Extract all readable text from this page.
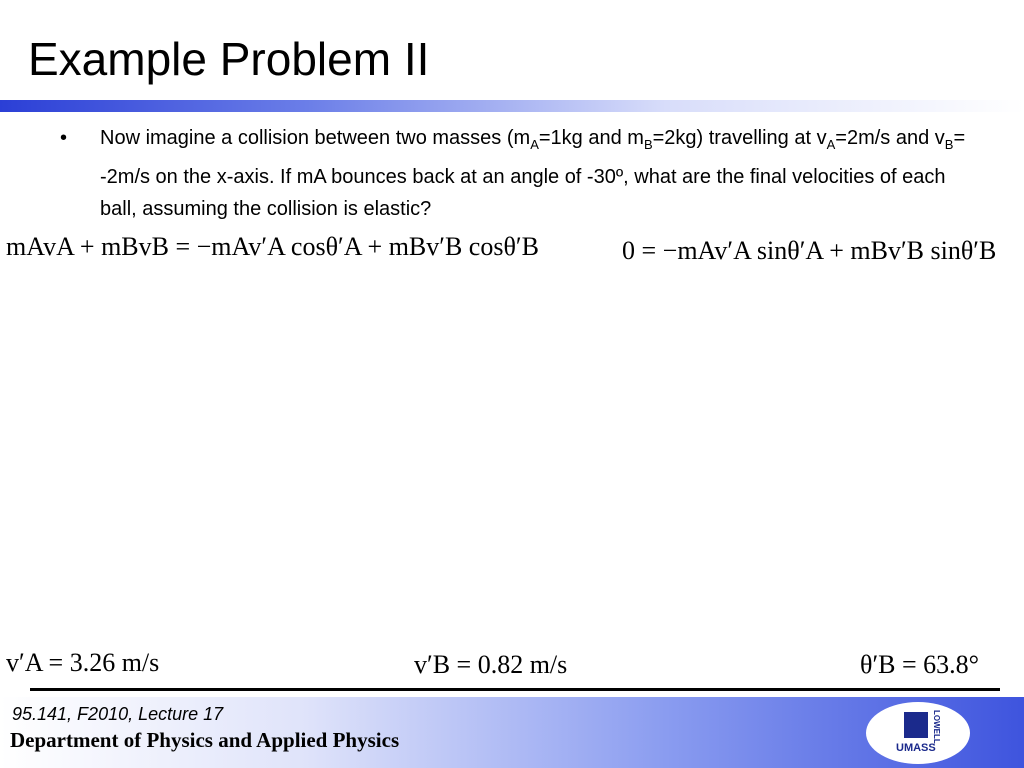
Example Problem II
• Now imagine a collision between two masses ($m_A=1kg$ and $m_B=2kg$) travelling at $v_A=2m/s$ and $v_B= -2m/s$ on the x-axis. If mA bounces back at an angle of -30º, what are the final velocities of each ball, assuming the collision is elastic?
mAvA + mBvB = −mAv′A cosθ′A + mBv′B cosθ′B	0 = −mAv′A sinθ′A + mBv′B sinθ′B
v′A = 3.26 m/s	v′B = 0.82 m/s	θ′B = 63.8°
95.141, F2010, Lecture 17
Department of Physics and Applied Physics	UMASS
LOWELL
